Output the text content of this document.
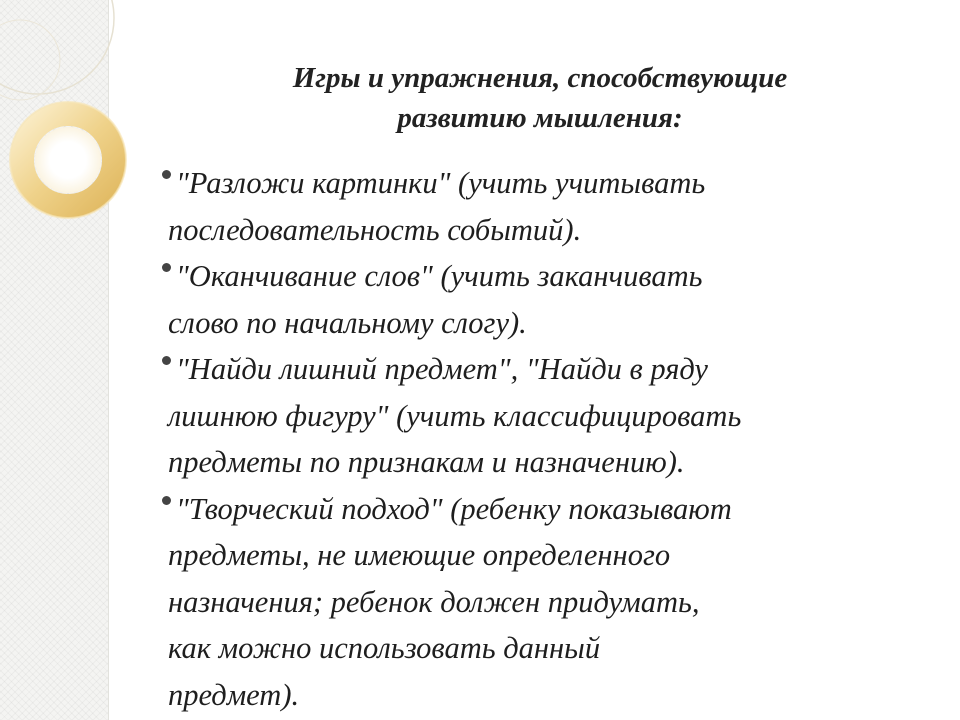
Игры и упражнения, способствующие
развитию мышления:
"Разложи картинки" (учить учитывать
последовательность событий).
"Оканчивание слов" (учить заканчивать
слово по начальному слогу).
"Найди лишний предмет", "Найди в ряду
лишнюю фигуру" (учить классифицировать
предметы по признакам и назначению).
"Творческий подход" (ребенку показывают
предметы, не имеющие определенного
назначения; ребенок должен придумать,
как можно использовать данный
предмет).
